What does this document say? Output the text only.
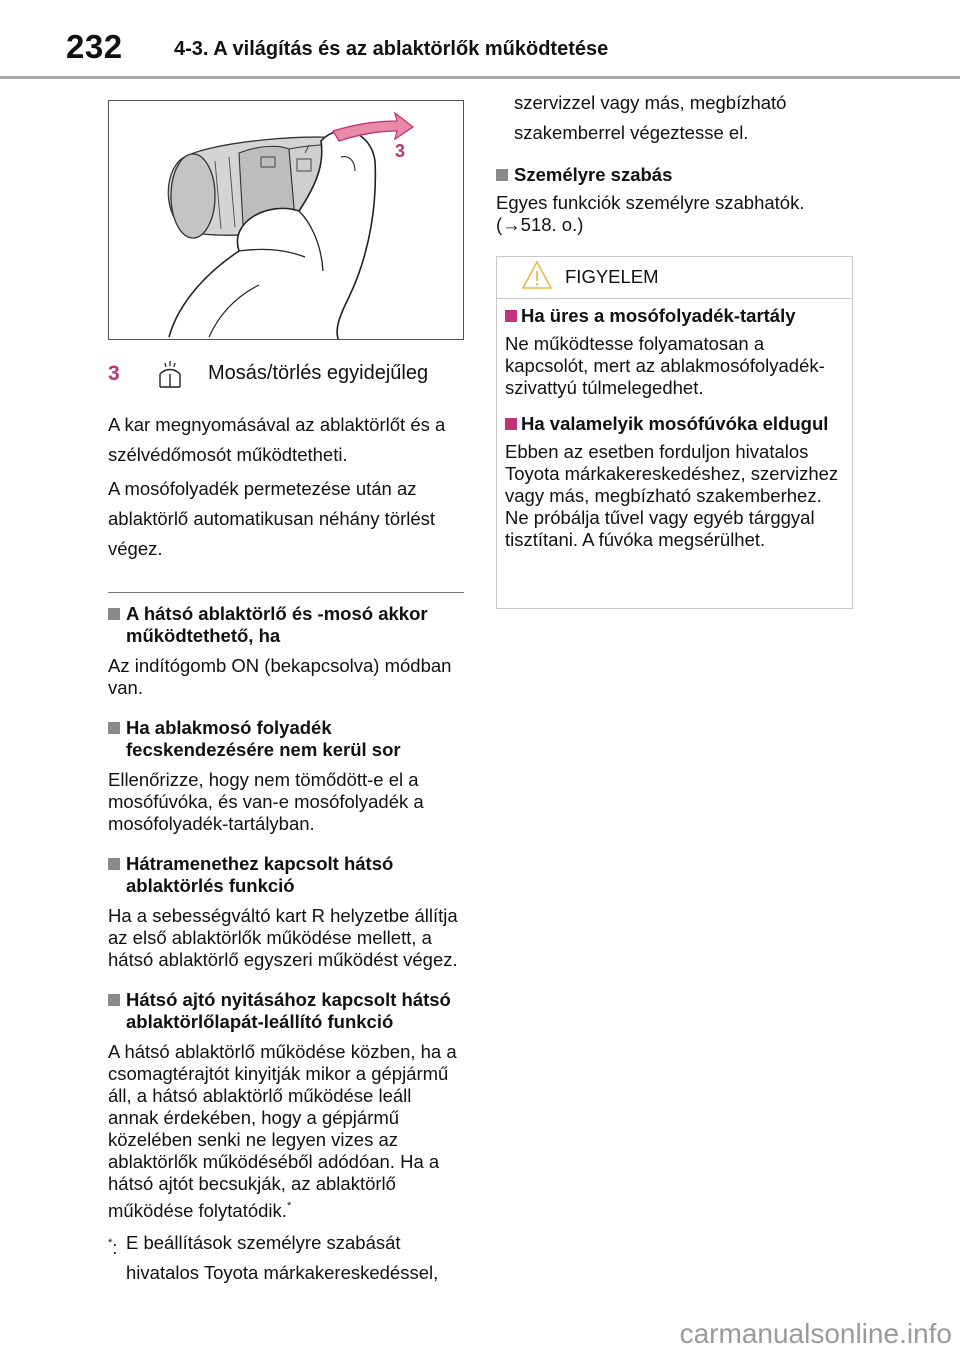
232	4-3. A világítás és az ablaktörlők működtetése
3
3	Mosás/törlés egyidejűleg

A kar megnyomásával az ablaktörlőt és a szélvédőmosót működtetheti.

A mosófolyadék permetezése után az ablaktörlő automatikusan néhány törlést végez.

A hátsó ablaktörlő és -mosó akkor működtethető, ha

Az indítógomb ON (bekapcsolva) módban van.

Ha ablakmosó folyadék fecskendezésére nem kerül sor

Ellenőrizze, hogy nem tömődött-e el a mosófúvóka, és van-e mosófolyadék a mosófolyadék-tartályban.

Hátramenethez kapcsolt hátsó ablaktörlés funkció

Ha a sebességváltó kart R helyzetbe állítja az első ablaktörlők működése mellett, a hátsó ablaktörlő egyszeri működést végez.

Hátsó ajtó nyitásához kapcsolt hátsó ablaktörlőlapát-leállító funkció

A hátsó ablaktörlő működése közben, ha a csomagtérajtót kinyitják mikor a gépjármű áll, a hátsó ablaktörlő működése leáll annak érdekében, hogy a gépjármű közelében senki ne legyen vizes az ablaktörlők működéséből adódóan. Ha a hátsó ajtót becsukják, az ablaktörlő működése folytatódik.*

*: E beállítások személyre szabását hivatalos Toyota márkakereskedéssel,

szervizzel vagy más, megbízható szakemberrel végeztesse el.

Személyre szabás

Egyes funkciók személyre szabhatók. (→518. o.)

FIGYELEM
Ha üres a mosófolyadék-tartály

Ne működtesse folyamatosan a kapcsolót, mert az ablakmosófolyadék-szivattyú túlmelegedhet.

Ha valamelyik mosófúvóka eldugul

Ebben az esetben forduljon hivatalos Toyota márkakereskedéshez, szervizhez vagy más, megbízható szakemberhez.

Ne próbálja tűvel vagy egyéb tárggyal tisztítani. A fúvóka megsérülhet.

carmanualsonline.info
